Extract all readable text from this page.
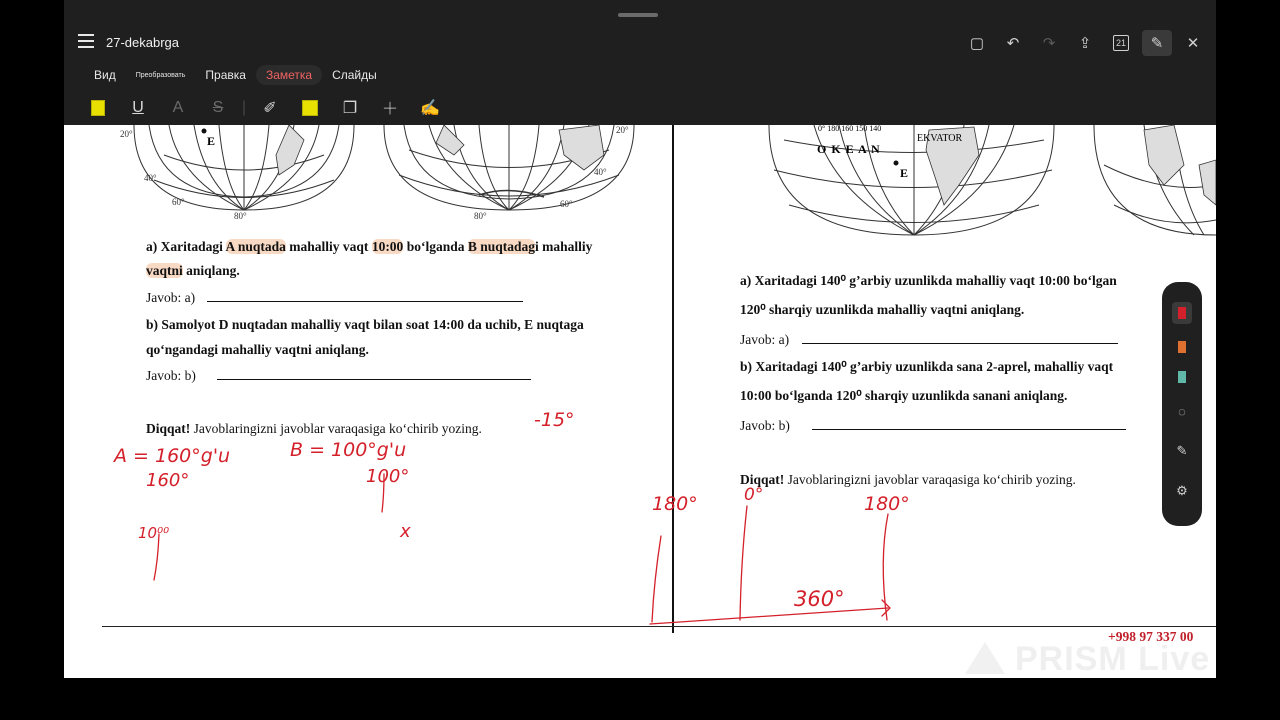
27-dekabrga	▢	↶	↷	⇪	21	✎	✕
Вид	Преобразовать	Правка	Заметка	Слайды
U	A	S |	✐	❐	＋	✍
E
20°
40°
60°
80°
20°
40°
60°
80°
a) Xaritadagi A nuqtada mahalliy vaqt 10:00 bo‘lganda B nuqtadagi mahalliy
vaqtni aniqlang.
Javob: a)
b) Samolyot D nuqtadan mahalliy vaqt bilan soat 14:00 da uchib, E nuqtaga
qo‘ngandagi mahalliy vaqtni aniqlang.
Javob: b)
Diqqat! Javoblaringizni javoblar varaqasiga ko‘chirib yozing.
E
O K E A N
EKVATOR
0° 180 160 150 140
a) Xaritadagi 140⁰ g’arbiy uzunlikda mahalliy vaqt 10:00 bo‘lgan
120⁰ sharqiy uzunlikda mahalliy vaqtni aniqlang.
Javob: a)
b) Xaritadagi 140⁰ g’arbiy uzunlikda sana 2-aprel, mahalliy vaqt
10:00 bo‘lganda 120⁰ sharqiy uzunlikda sanani aniqlang.
Javob: b)
Diqqat! Javoblaringizni javoblar varaqasiga ko‘chirib yozing.
+998 97 337 00
-15°
A = 160°g'u	B = 100°g'u
160°
10⁰⁰
100°
x
180°	0°	180°
360°
◌
✎
⚙
PRISM Live
